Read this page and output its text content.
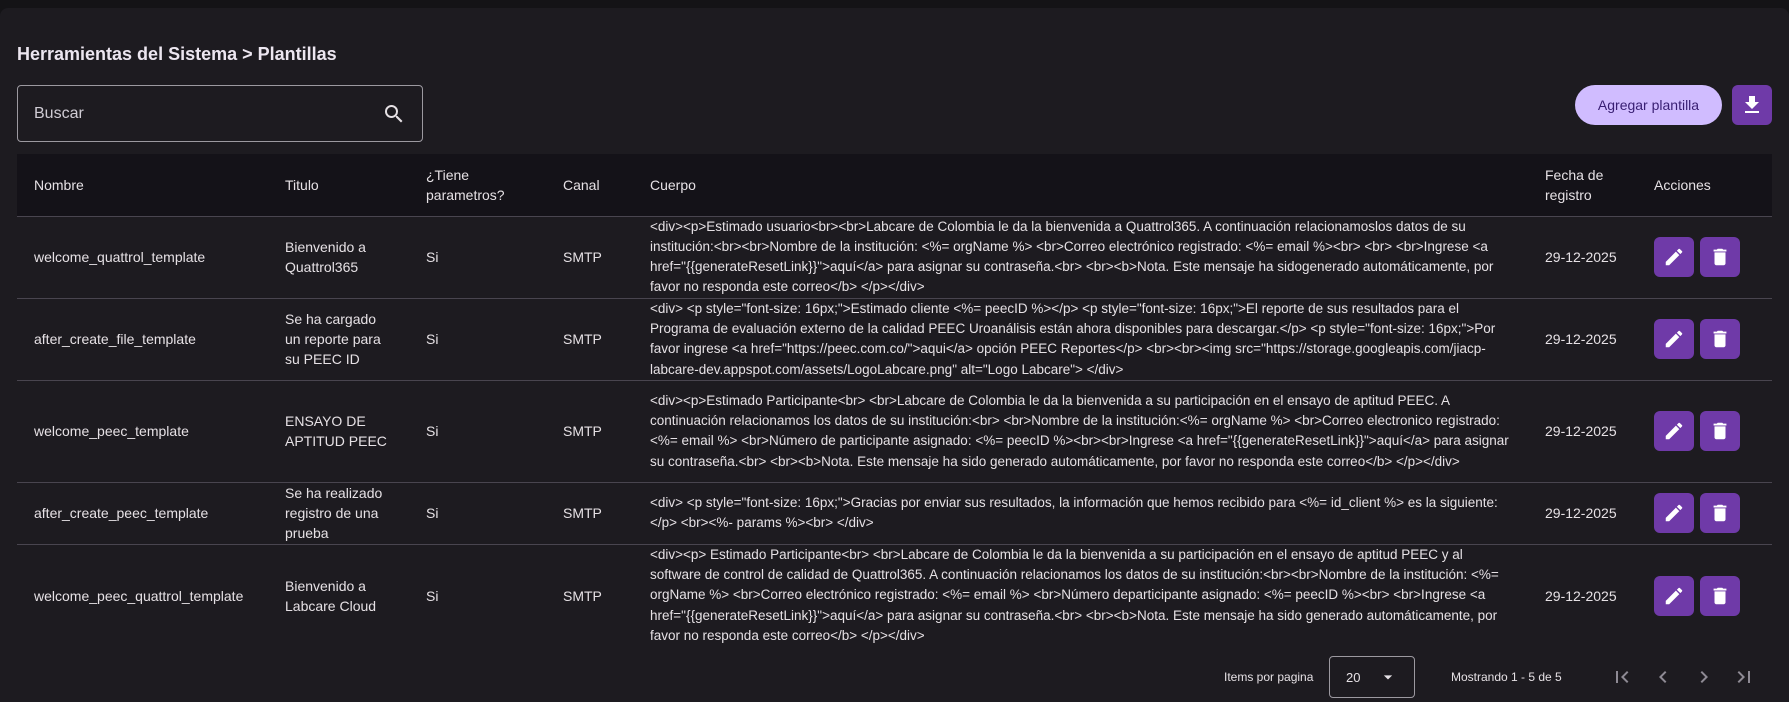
Herramientas del Sistema > Plantillas
Buscar
Agregar plantilla
Nombre	Titulo	¿Tiene parametros?	Canal	Cuerpo	Fecha de registro	Acciones
welcome_quattrol_template	Bienvenido a Quattrol365	Si	SMTP	<div><p>Estimado usuario<br><br>Labcare de Colombia le da la bienvenida a Quattrol365. A continuación relacionamoslos datos de su institución:<br><br>Nombre de la institución: <%= orgName %> <br>Correo electrónico registrado: <%= email %><br> <br> <br>Ingrese <a href="{{generateResetLink}}">aquí</a> para asignar su contraseña.<br> <br><b>Nota. Este mensaje ha sidogenerado automáticamente, por favor no responda este correo</b> </p></div>	29-12-2025	

after_create_file_template	Se ha cargado un reporte para su PEEC ID	Si	SMTP	<div> <p style="font-size: 16px;">Estimado cliente <%= peecID %></p> <p style="font-size: 16px;">El reporte de sus resultados para el Programa de evaluación externo de la calidad PEEC Uroanálisis están ahora disponibles para descargar.</p> <p style="font-size: 16px;">Por favor ingrese <a href="https://peec.com.co/">aqui</a> opción PEEC Reportes</p> <br><br><img src="https://storage.googleapis.com/jiacp-labcare-dev.appspot.com/assets/LogoLabcare.png" alt="Logo Labcare"> </div>	29-12-2025	

welcome_peec_template	ENSAYO DE APTITUD PEEC	Si	SMTP	<div><p>Estimado Participante<br> <br>Labcare de Colombia le da la bienvenida a su participación en el ensayo de aptitud PEEC. A continuación relacionamos los datos de su institución:<br> <br>Nombre de la institución:<%= orgName %> <br>Correo electronico registrado: <%= email %> <br>Número de participante asignado: <%= peecID %><br><br>Ingrese <a href="{{generateResetLink}}">aquí</a> para asignar su contraseña.<br> <br><b>Nota. Este mensaje ha sido generado automáticamente, por favor no responda este correo</b> </p></div>	29-12-2025	

after_create_peec_template	Se ha realizado registro de una prueba	Si	SMTP	<div> <p style="font-size: 16px;">Gracias por enviar sus resultados, la información que hemos recibido para <%= id_client %> es la siguiente:</p> <br><%- params %><br> </div>	29-12-2025	

welcome_peec_quattrol_template	Bienvenido a Labcare Cloud	Si	SMTP	<div><p> Estimado Participante<br> <br>Labcare de Colombia le da la bienvenida a su participación en el ensayo de aptitud PEEC y al software de control de calidad de Quattrol365. A continuación relacionamos los datos de su institución:<br><br>Nombre de la institución: <%= orgName %> <br>Correo electrónico registrado: <%= email %> <br>Número departicipante asignado: <%= peecID %><br> <br>Ingrese <a href="{{generateResetLink}}">aquí</a> para asignar su contraseña.<br> <br><b>Nota. Este mensaje ha sido generado automáticamente, por favor no responda este correo</b> </p></div>	29-12-2025	
Items por pagina	20	Mostrando 1 - 5 de 5
